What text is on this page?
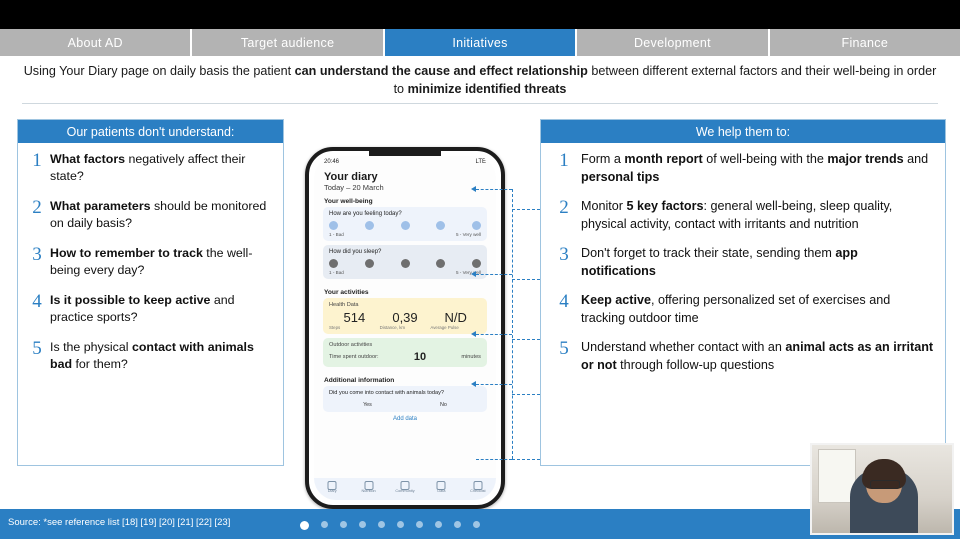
About AD	Target audience	Initiatives	Development	Finance
Using Your Diary page on daily basis the patient can understand the cause and effect relationship between different external factors and their well-being in order to minimize identified threats
Our patients don't understand:
1 What factors negatively affect their state?
2 What parameters should be monitored on daily basis?
3 How to remember to track the well-being every day?
4 Is it possible to keep active and practice sports?
5 Is the physical contact with animals bad for them?
20:46	LTE
Your diary
Today – 20 March
Your well-being
How are you feeling today?
1 - Bad	5 - Very well
How did you sleep?
1 - Bad	5 - Very well
Your activities
Health Data
514
Steps
0,39
Distance, km
N/D
Average Pulse
Outdoor activities
Time spent outdoor:	10	minutes
Additional information
Did you come into contact with animals today?
Yes	No
Add data
Diary	Nutrition	Community	Data	Checklist
We help them to:
1 Form a month report of well-being with the major trends and personal tips
2 Monitor 5 key factors: general well-being, sleep quality, physical activity, contact with irritants and nutrition
3 Don't forget to track their state, sending them app notifications
4 Keep active, offering personalized set of exercises and tracking outdoor time
5 Understand whether contact with an animal acts as an irritant or not through follow-up questions
Source: *see reference list [18] [19] [20] [21] [22] [23]
